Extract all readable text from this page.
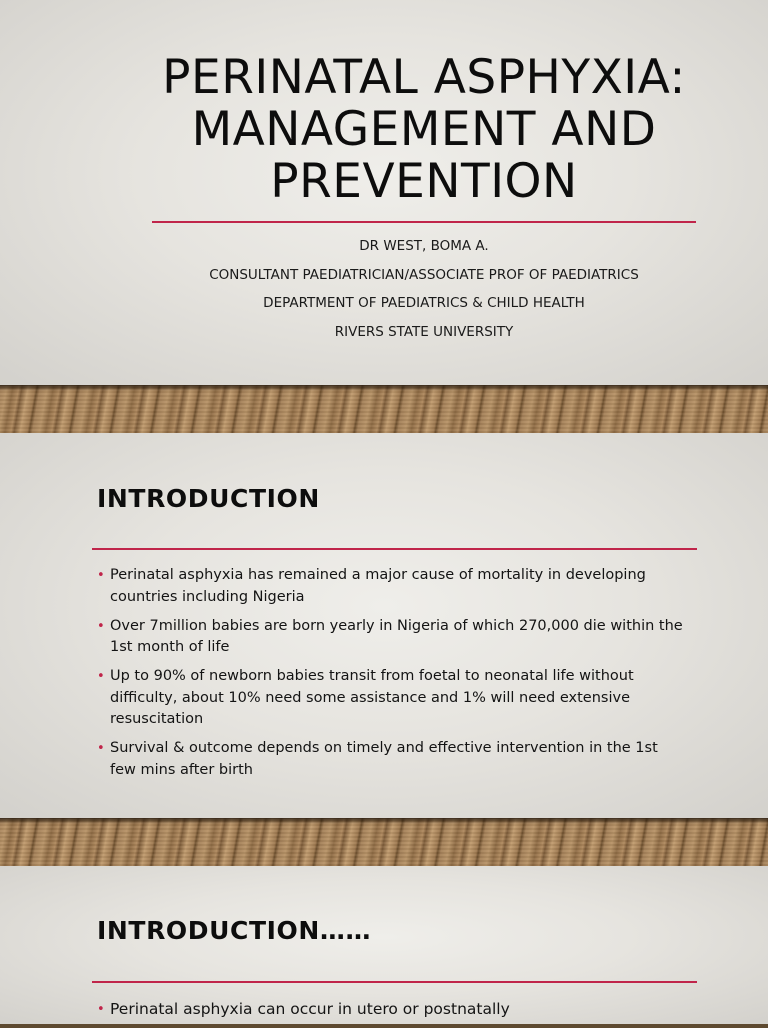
PERINATAL ASPHYXIA: MANAGEMENT AND PREVENTION
DR WEST, BOMA A.
CONSULTANT PAEDIATRICIAN/ASSOCIATE PROF OF PAEDIATRICS
DEPARTMENT OF PAEDIATRICS & CHILD HEALTH
RIVERS STATE UNIVERSITY
INTRODUCTION
• Perinatal asphyxia has remained a major cause of mortality in developing countries including Nigeria
• Over 7million babies are born yearly in Nigeria of which 270,000 die within the 1st month of life
• Up to 90% of newborn babies transit from foetal to neonatal life without difficulty, about 10% need some assistance and 1% will need extensive resuscitation
• Survival & outcome depends on timely and effective intervention in the 1st few mins after birth
INTRODUCTION……
• Perinatal asphyxia can occur in utero or postnatally
